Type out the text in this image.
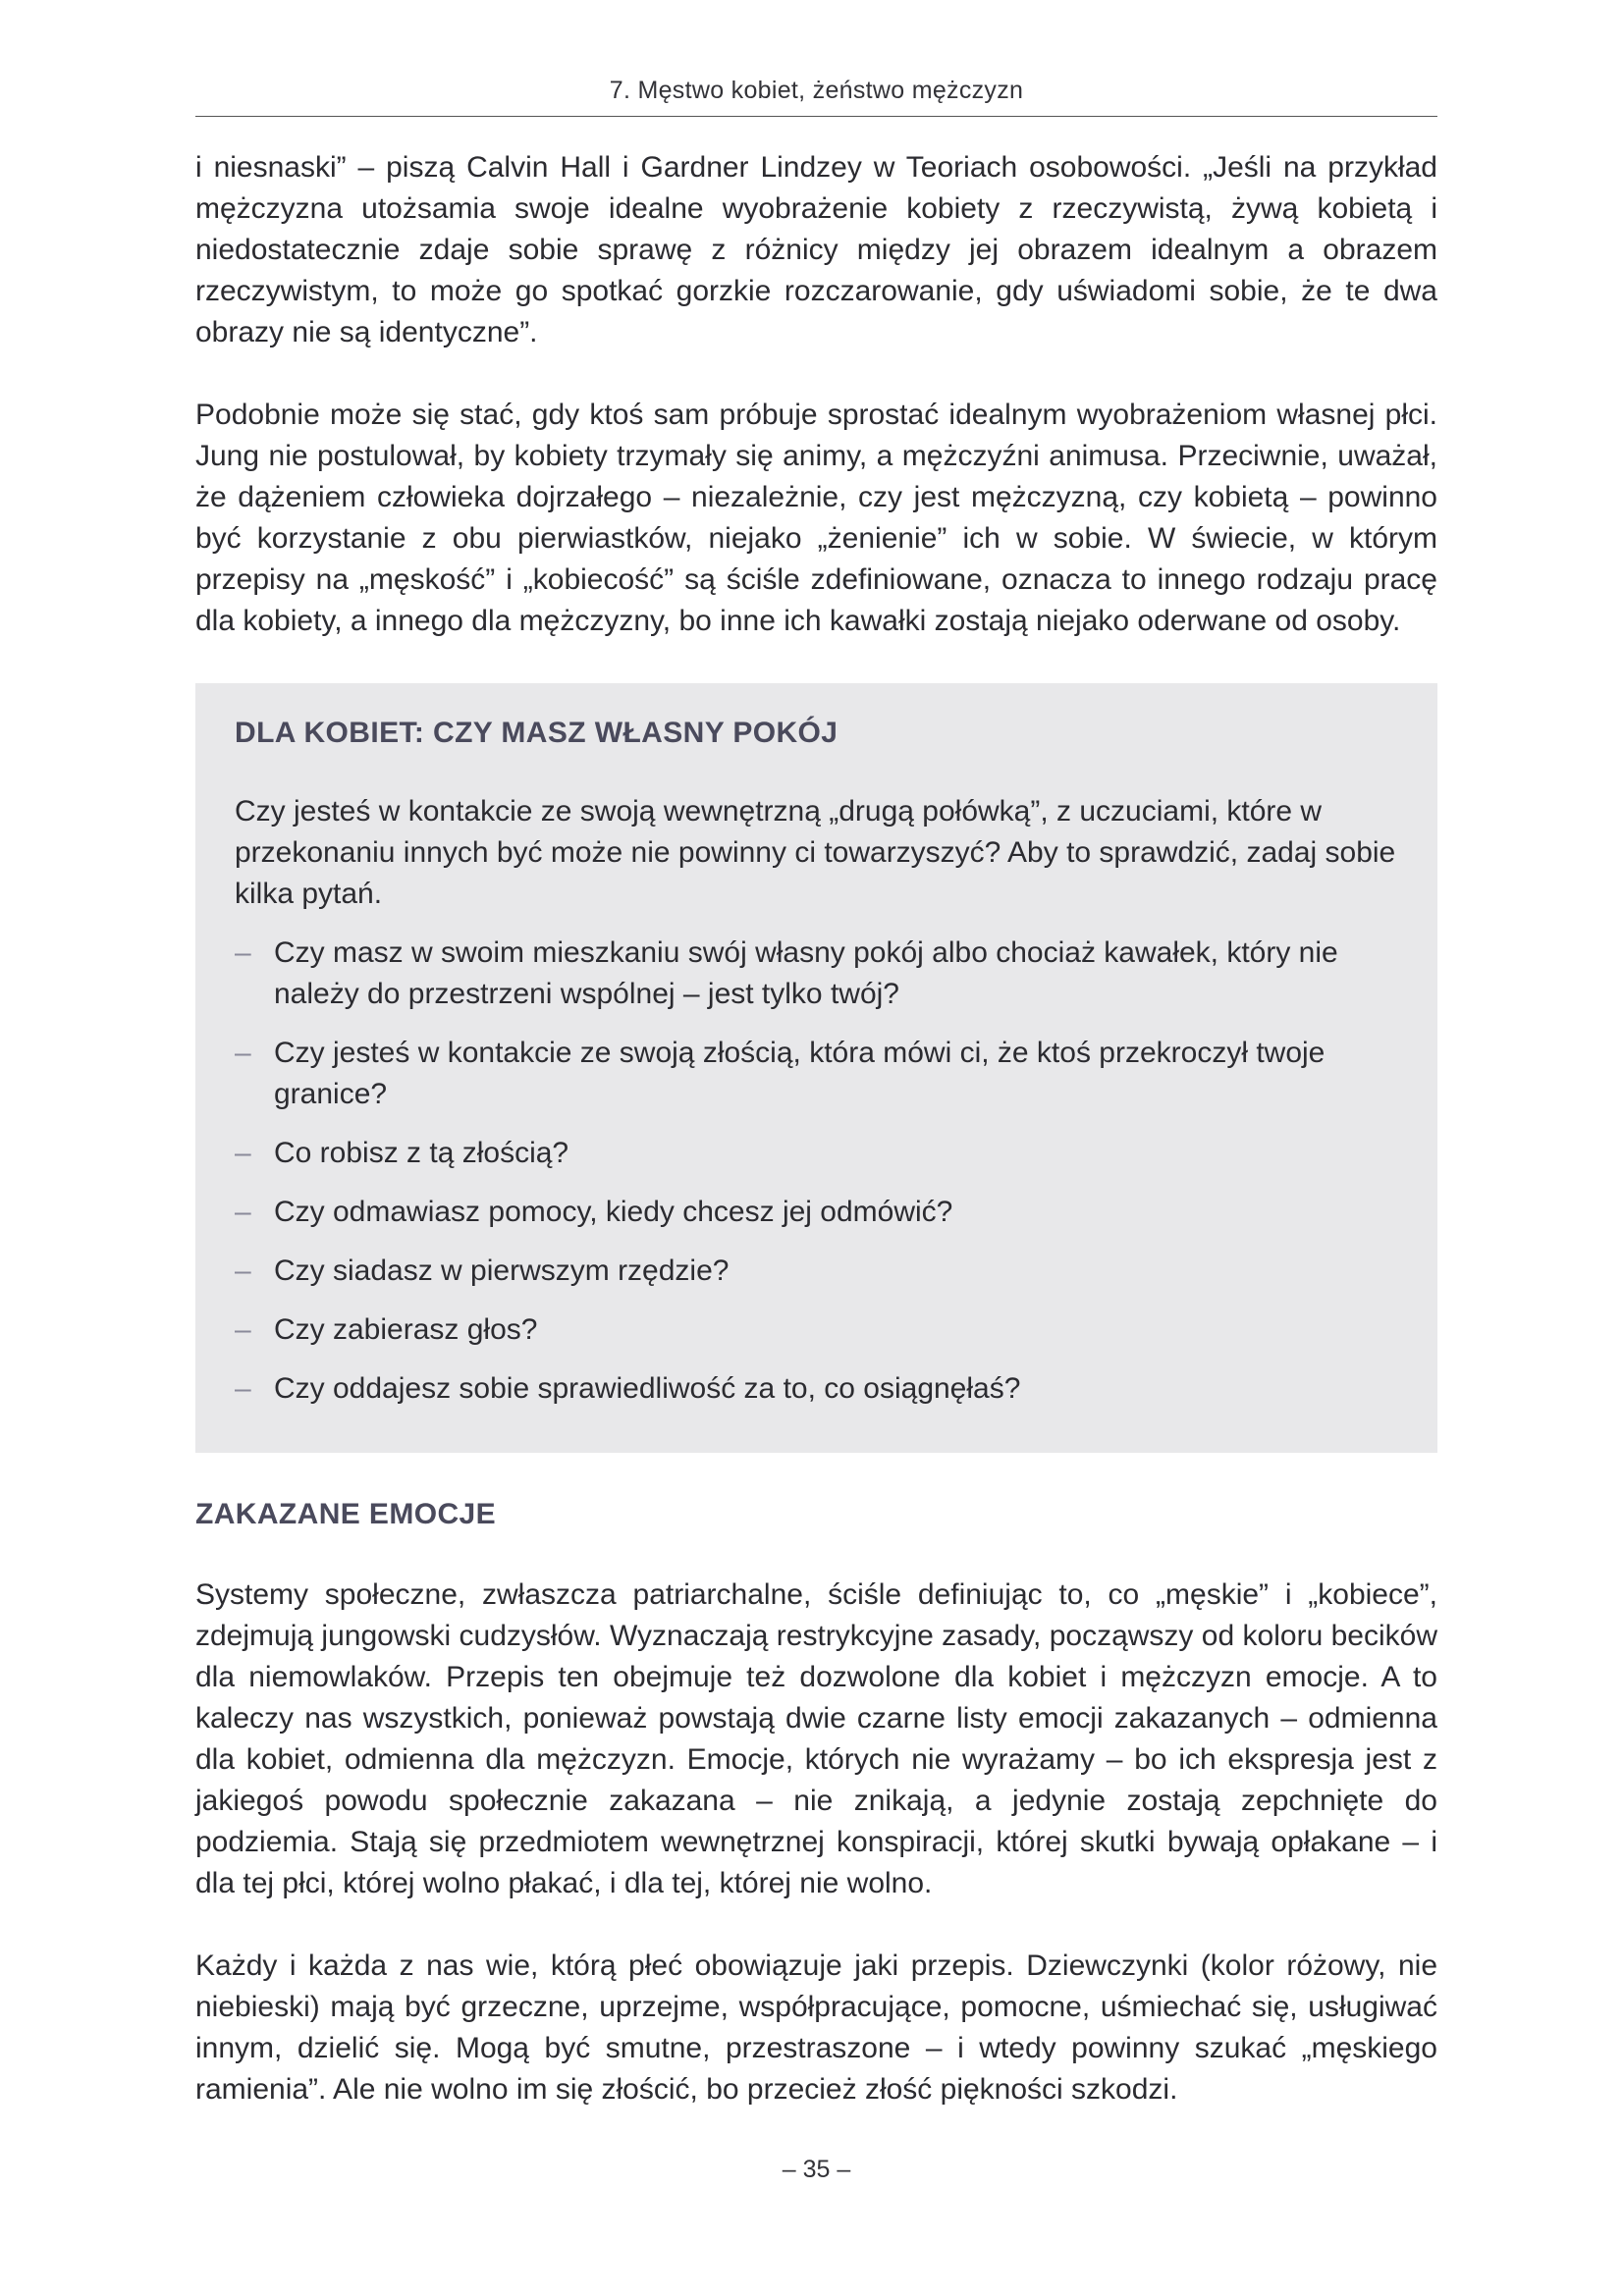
7. Męstwo kobiet, żeństwo mężczyzn

i niesnaski” – piszą Calvin Hall i Gardner Lindzey w Teoriach osobowości. „Jeśli na przykład mężczyzna utożsamia swoje idealne wyobrażenie kobiety z rzeczywistą, żywą kobietą i niedostatecznie zdaje sobie sprawę z różnicy między jej obrazem idealnym a obrazem rzeczywistym, to może go spotkać gorzkie rozczarowanie, gdy uświadomi sobie, że te dwa obrazy nie są identyczne”.

Podobnie może się stać, gdy ktoś sam próbuje sprostać idealnym wyobrażeniom własnej płci. Jung nie postulował, by kobiety trzymały się animy, a mężczyźni animusa. Przeciwnie, uważał, że dążeniem człowieka dojrzałego – niezależnie, czy jest mężczyzną, czy kobietą – powinno być korzystanie z obu pierwiastków, niejako „żenienie” ich w sobie. W świecie, w którym przepisy na „męskość” i „kobiecość” są ściśle zdefiniowane, oznacza to innego rodzaju pracę dla kobiety, a innego dla mężczyzny, bo inne ich kawałki zostają niejako oderwane od osoby.

DLA KOBIET: CZY MASZ WŁASNY POKÓJ

Czy jesteś w kontakcie ze swoją wewnętrzną „drugą połówką”, z uczuciami, które w przekonaniu innych być może nie powinny ci towarzyszyć? Aby to sprawdzić, zadaj sobie kilka pytań.

– Czy masz w swoim mieszkaniu swój własny pokój albo chociaż kawałek, który nie należy do przestrzeni wspólnej – jest tylko twój?
– Czy jesteś w kontakcie ze swoją złością, która mówi ci, że ktoś przekroczył twoje granice?
– Co robisz z tą złością?
– Czy odmawiasz pomocy, kiedy chcesz jej odmówić?
– Czy siadasz w pierwszym rzędzie?
– Czy zabierasz głos?
– Czy oddajesz sobie sprawiedliwość za to, co osiągnęłaś?
ZAKAZANE EMOCJE

Systemy społeczne, zwłaszcza patriarchalne, ściśle definiując to, co „męskie” i „kobiece”, zdejmują jungowski cudzysłów. Wyznaczają restrykcyjne zasady, począwszy od koloru becików dla niemowlaków. Przepis ten obejmuje też dozwolone dla kobiet i mężczyzn emocje. A to kaleczy nas wszystkich, ponieważ powstają dwie czarne listy emocji zakazanych – odmienna dla kobiet, odmienna dla mężczyzn. Emocje, których nie wyrażamy – bo ich ekspresja jest z jakiegoś powodu społecznie zakazana – nie znikają, a jedynie zostają zepchnięte do podziemia. Stają się przedmiotem wewnętrznej konspiracji, której skutki bywają opłakane – i dla tej płci, której wolno płakać, i dla tej, której nie wolno.

Każdy i każda z nas wie, którą płeć obowiązuje jaki przepis. Dziewczynki (kolor różowy, nie niebieski) mają być grzeczne, uprzejme, współpracujące, pomocne, uśmiechać się, usługiwać innym, dzielić się. Mogą być smutne, przestraszone – i wtedy powinny szukać „męskiego ramienia”. Ale nie wolno im się złościć, bo przecież złość piękności szkodzi.

– 35 –
